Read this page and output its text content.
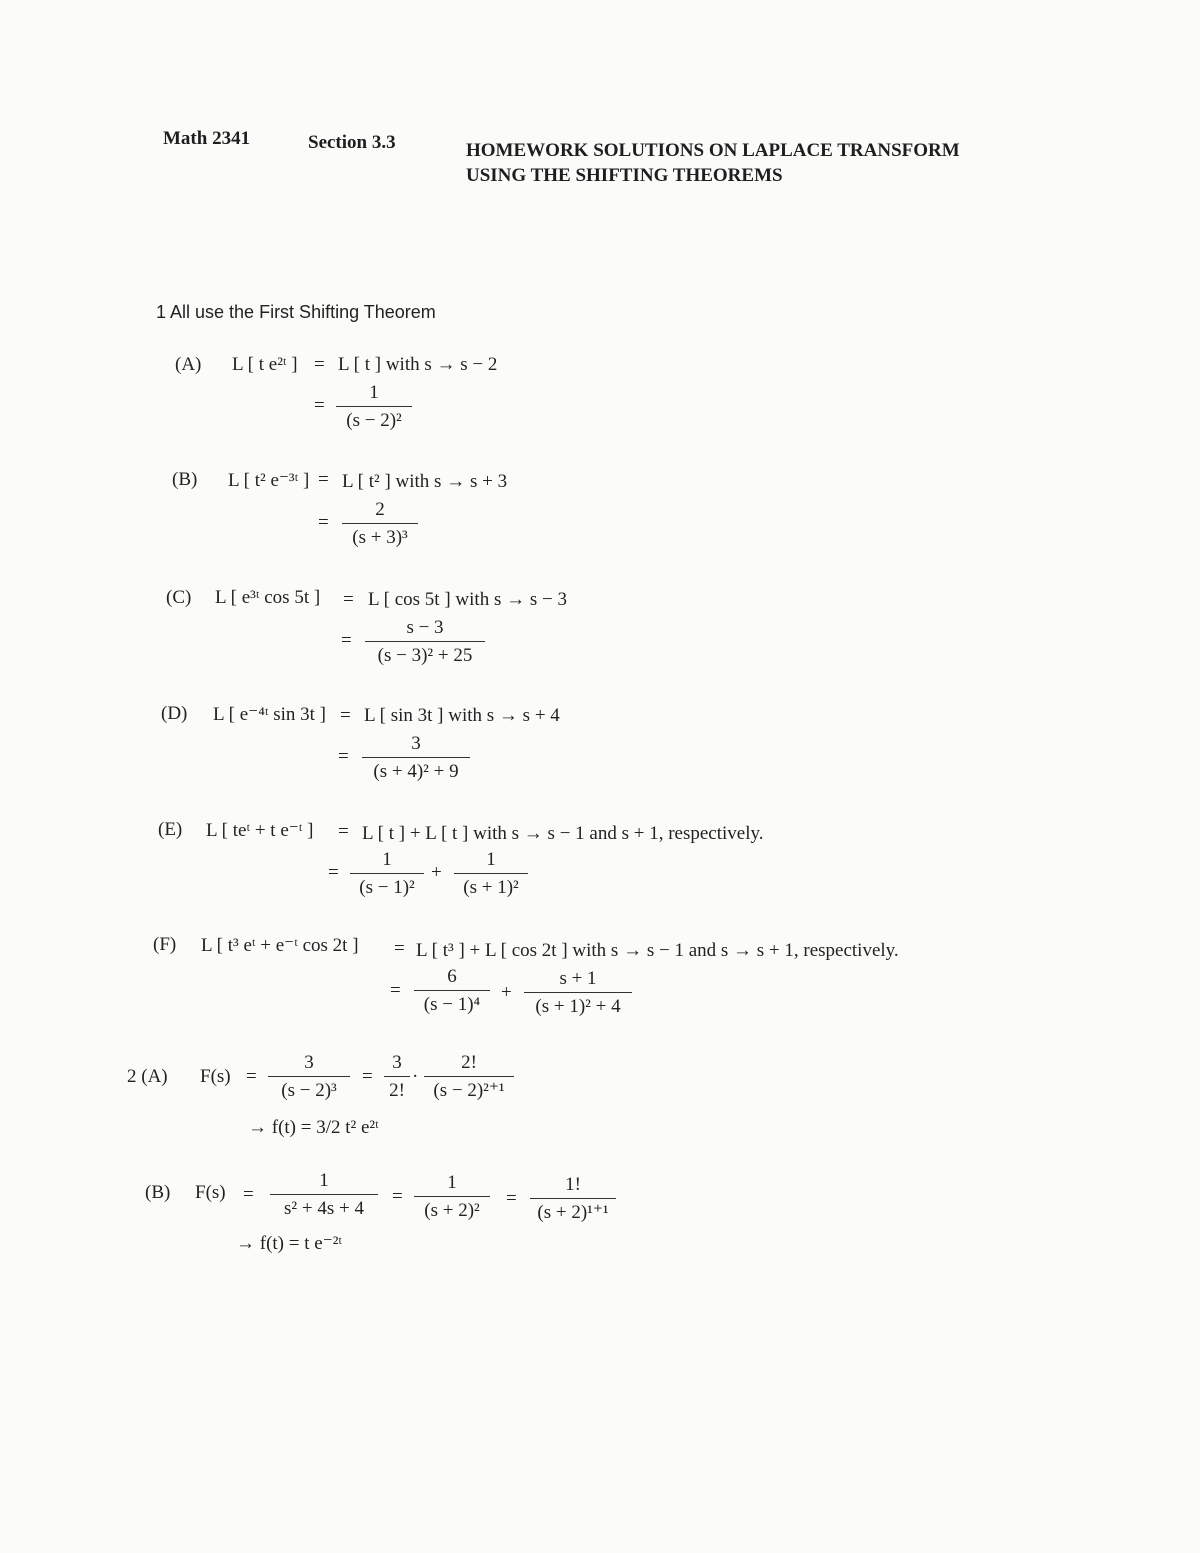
Math 2341	Section 3.3	HOMEWORK SOLUTIONS ON LAPLACE TRANSFORM
USING THE SHIFTING THEOREMS
1 All use the First Shifting Theorem
(A) L [ t e²ᵗ ] = L [ t ] with s → s − 2
=
1
(s − 2)²
(B) L [ t² e⁻³ᵗ ] = L [ t² ] with s → s + 3
=
2
(s + 3)³
(C) L [ e³ᵗ cos 5t ] = L [ cos 5t ] with s → s − 3
=
s − 3
(s − 3)² + 25
(D) L [ e⁻⁴ᵗ sin 3t ] = L [ sin 3t ] with s → s + 4
=
3
(s + 4)² + 9
(E) L [ teᵗ + t e⁻ᵗ ] = L [ t ] + L [ t ] with s → s − 1 and s + 1, respectively.
=
1
(s − 1)²
+
1
(s + 1)²
(F) L [ t³ eᵗ + e⁻ᵗ cos 2t ] = L [ t³ ] + L [ cos 2t ] with s → s − 1 and s → s + 1, respectively.
=
6
(s − 1)⁴
+
s + 1
(s + 1)² + 4
2 (A) F(s) =
3
(s − 2)³
=
3
2!
·
2!
(s − 2)²⁺¹
→ f(t) = 3/2 t² e²ᵗ
(B) F(s) =
1
s² + 4s + 4
=
1
(s + 2)²
=
1!
(s + 2)¹⁺¹
→ f(t) = t e⁻²ᵗ
